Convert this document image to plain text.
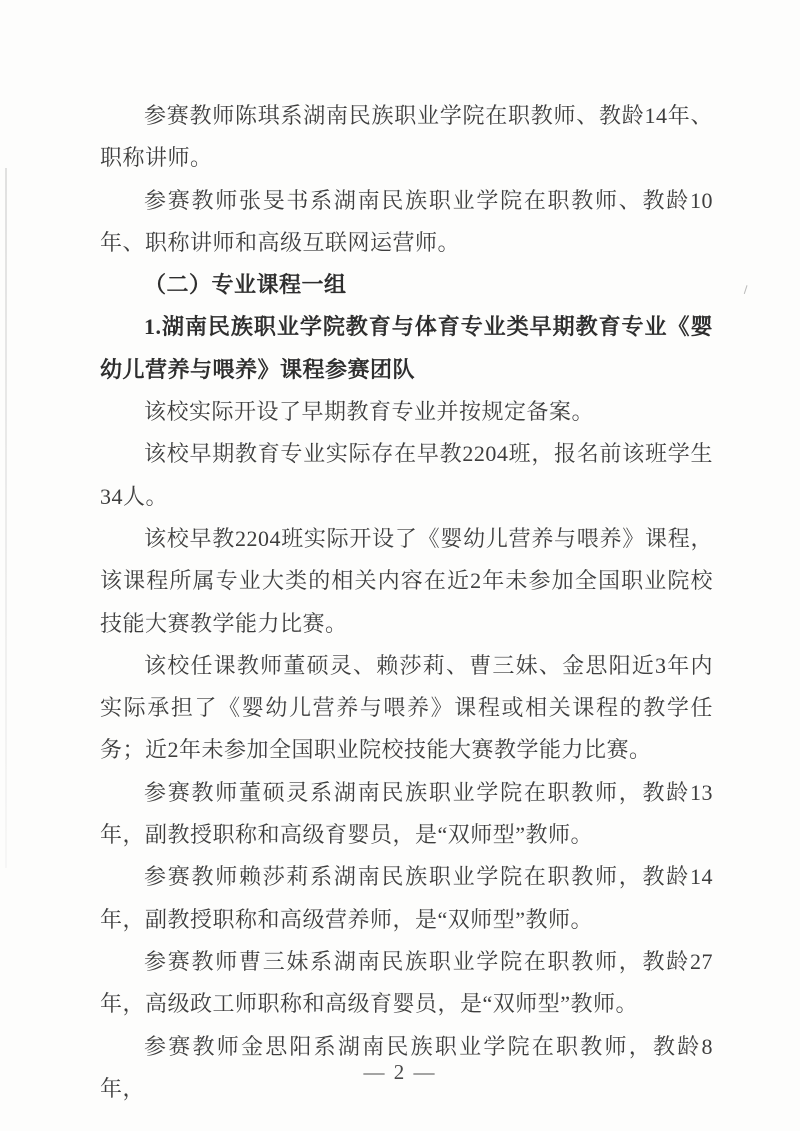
参赛教师陈琪系湖南民族职业学院在职教师、教龄14年、职称讲师。

参赛教师张旻书系湖南民族职业学院在职教师、教龄10年、职称讲师和高级互联网运营师。

（二）专业课程一组

1.湖南民族职业学院教育与体育专业类早期教育专业《婴幼儿营养与喂养》课程参赛团队

该校实际开设了早期教育专业并按规定备案。

该校早期教育专业实际存在早教2204班，报名前该班学生34人。

该校早教2204班实际开设了《婴幼儿营养与喂养》课程，该课程所属专业大类的相关内容在近2年未参加全国职业院校技能大赛教学能力比赛。

该校任课教师董硕灵、赖莎莉、曹三妹、金思阳近3年内实际承担了《婴幼儿营养与喂养》课程或相关课程的教学任务；近2年未参加全国职业院校技能大赛教学能力比赛。

参赛教师董硕灵系湖南民族职业学院在职教师，教龄13年，副教授职称和高级育婴员，是“双师型”教师。

参赛教师赖莎莉系湖南民族职业学院在职教师，教龄14年，副教授职称和高级营养师，是“双师型”教师。

参赛教师曹三妹系湖南民族职业学院在职教师，教龄27年，高级政工师职称和高级育婴员，是“双师型”教师。

参赛教师金思阳系湖南民族职业学院在职教师，教龄8年，

— 2 —
